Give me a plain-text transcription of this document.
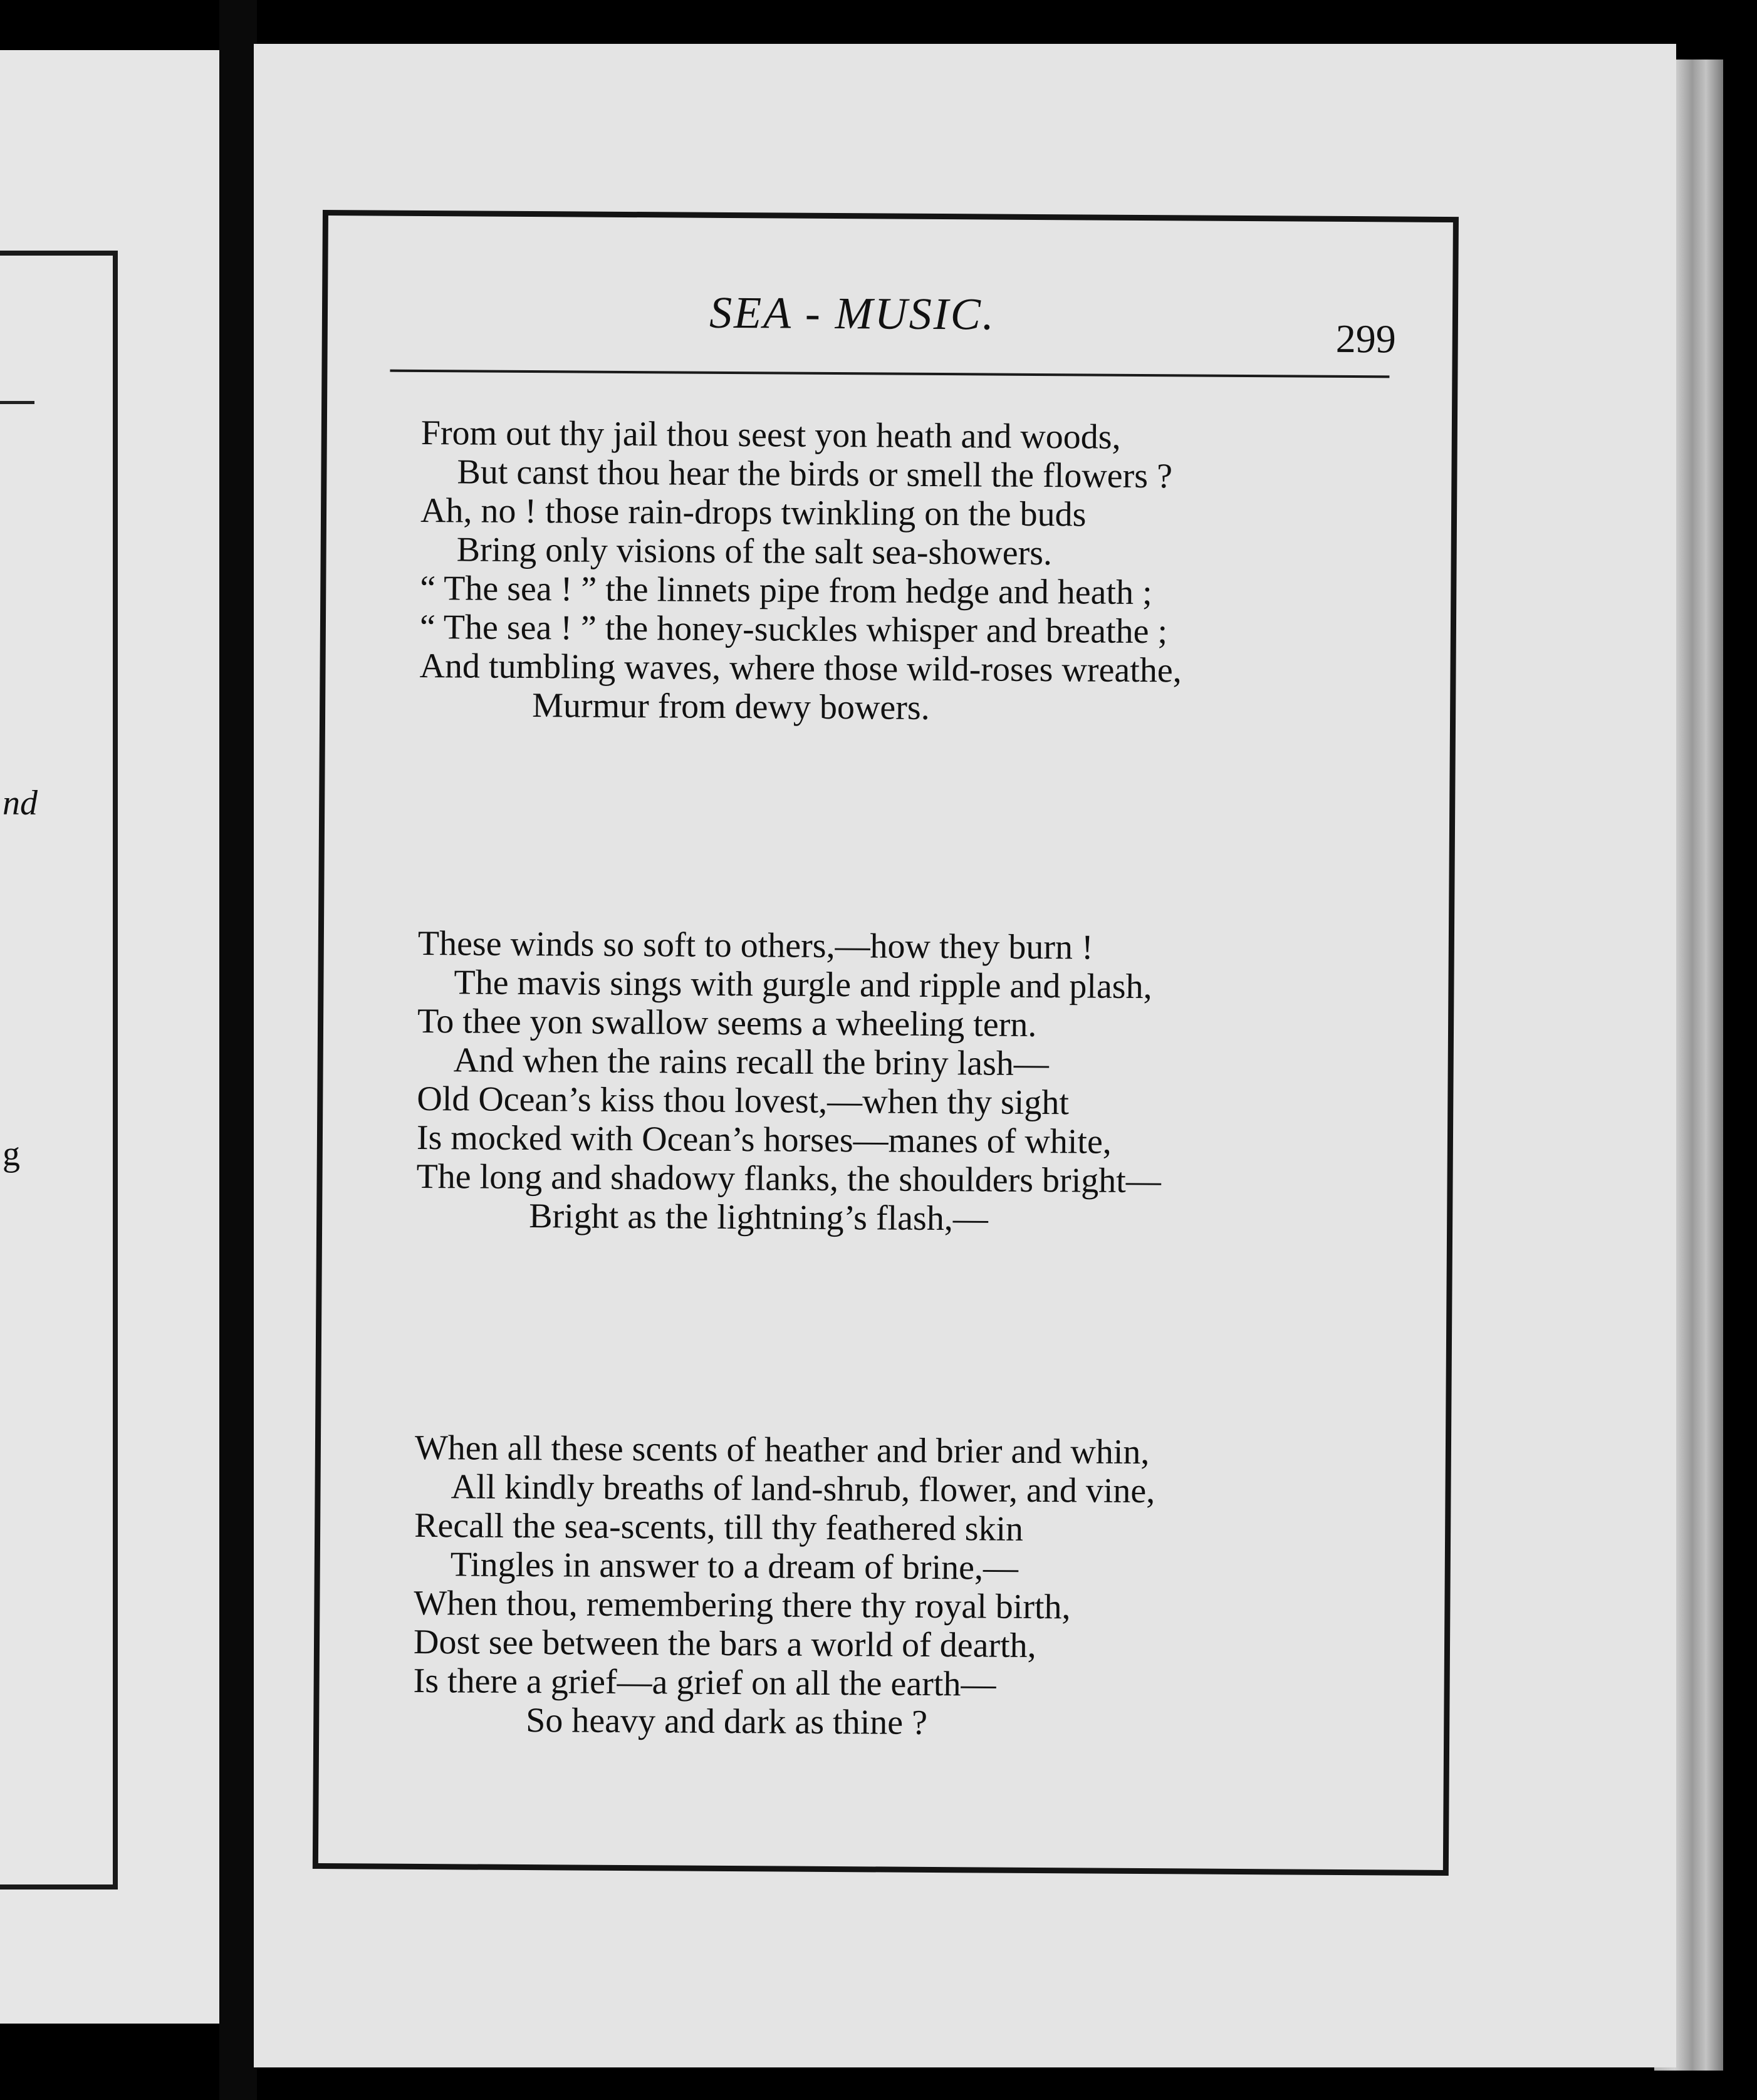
nd
g
SEA - MUSIC.	299
From out thy jail thou seest yon heath and woods,
But canst thou hear the birds or smell the flowers ?
Ah, no ! those rain-drops twinkling on the buds
Bring only visions of the salt sea-showers.
“ The sea ! ” the linnets pipe from hedge and heath ;
“ The sea ! ” the honey-suckles whisper and breathe ;
And tumbling waves, where those wild-roses wreathe,
Murmur from dewy bowers.
These winds so soft to others,—how they burn !
The mavis sings with gurgle and ripple and plash,
To thee yon swallow seems a wheeling tern.
And when the rains recall the briny lash—
Old Ocean’s kiss thou lovest,—when thy sight
Is mocked with Ocean’s horses—manes of white,
The long and shadowy flanks, the shoulders bright—
Bright as the lightning’s flash,—
When all these scents of heather and brier and whin,
All kindly breaths of land-shrub, flower, and vine,
Recall the sea-scents, till thy feathered skin
Tingles in answer to a dream of brine,—
When thou, remembering there thy royal birth,
Dost see between the bars a world of dearth,
Is there a grief—a grief on all the earth—
So heavy and dark as thine ?
